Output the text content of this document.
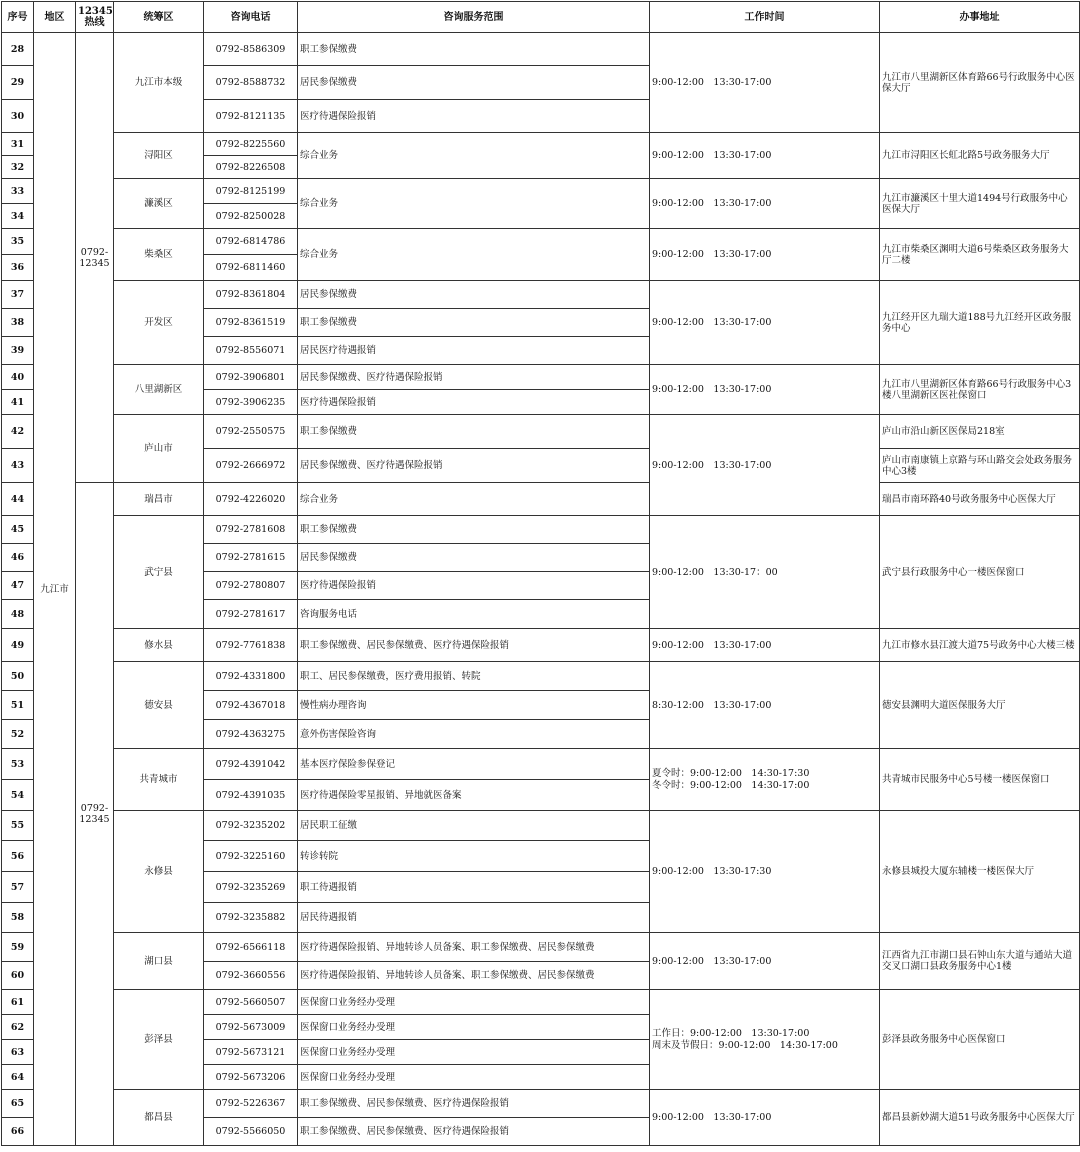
序号	地区	12345热线	统筹区	咨询电话	咨询服务范围	工作时间	办事地址
28	九江市	0792-12345	九江市本级	0792-8586309	职工参保缴费	9:00-12:00　13:30-17:00	九江市八里湖新区体育路66号行政服务中心医保大厅
29				0792-8588732	居民参保缴费		
30				0792-8121135	医疗待遇保险报销		
31			浔阳区	0792-8225560	综合业务	9:00-12:00　13:30-17:00	九江市浔阳区长虹北路5号政务服务大厅
32				0792-8226508			
33			濂溪区	0792-8125199	综合业务	9:00-12:00　13:30-17:00	九江市濂溪区十里大道1494号行政服务中心医保大厅
34				0792-8250028			
35			柴桑区	0792-6814786	综合业务	9:00-12:00　13:30-17:00	九江市柴桑区渊明大道6号柴桑区政务服务大厅二楼
36				0792-6811460			
37			开发区	0792-8361804	居民参保缴费	9:00-12:00　13:30-17:00	九江经开区九瑞大道188号九江经开区政务服务中心
38				0792-8361519	职工参保缴费		
39				0792-8556071	居民医疗待遇报销		
40			八里湖新区	0792-3906801	居民参保缴费、医疗待遇保险报销	9:00-12:00　13:30-17:00	九江市八里湖新区体育路66号行政服务中心3楼八里湖新区医社保窗口
41				0792-3906235	医疗待遇保险报销		
42			庐山市	0792-2550575	职工参保缴费	9:00-12:00　13:30-17:00	庐山市沿山新区医保局218室
43				0792-2666972	居民参保缴费、医疗待遇保险报销		庐山市南康镇上京路与环山路交会处政务服务中心3楼
44		0792-12345	瑞昌市	0792-4226020	综合业务		瑞昌市南环路40号政务服务中心医保大厅
45			武宁县	0792-2781608	职工参保缴费	9:00-12:00　13:30-17：00	武宁县行政服务中心一楼医保窗口
46				0792-2781615	居民参保缴费		
47				0792-2780807	医疗待遇保险报销		
48				0792-2781617	咨询服务电话		
49			修水县	0792-7761838	职工参保缴费、居民参保缴费、医疗待遇保险报销	9:00-12:00　13:30-17:00	九江市修水县江渡大道75号政务中心大楼三楼
50			德安县	0792-4331800	职工、居民参保缴费，医疗费用报销、转院	8:30-12:00　13:30-17:00	德安县渊明大道医保服务大厅
51				0792-4367018	慢性病办理咨询		
52				0792-4363275	意外伤害保险咨询		
53			共青城市	0792-4391042	基本医疗保险参保登记	夏令时：9:00-12:00　14:30-17:30
冬令时：9:00-12:00　14:30-17:00	共青城市民服务中心5号楼一楼医保窗口
54				0792-4391035	医疗待遇保险零星报销、异地就医备案		
55			永修县	0792-3235202	居民职工征缴	9:00-12:00　13:30-17:30	永修县城投大厦东辅楼一楼医保大厅
56				0792-3225160	转诊转院		
57				0792-3235269	职工待遇报销		
58				0792-3235882	居民待遇报销		
59			湖口县	0792-6566118	医疗待遇保险报销、异地转诊人员备案、职工参保缴费、居民参保缴费	9:00-12:00　13:30-17:00	江西省九江市湖口县石钟山东大道与通站大道交叉口湖口县政务服务中心1楼
60				0792-3660556	医疗待遇保险报销、异地转诊人员备案、职工参保缴费、居民参保缴费		
61			彭泽县	0792-5660507	医保窗口业务经办受理	工作日：9:00-12:00　13:30-17:00
周末及节假日：9:00-12:00　14:30-17:00	彭泽县政务服务中心医保窗口
62				0792-5673009	医保窗口业务经办受理		
63				0792-5673121	医保窗口业务经办受理		
64				0792-5673206	医保窗口业务经办受理		
65			都昌县	0792-5226367	职工参保缴费、居民参保缴费、医疗待遇保险报销	9:00-12:00　13:30-17:00	都昌县新妙湖大道51号政务服务中心医保大厅
66				0792-5566050	职工参保缴费、居民参保缴费、医疗待遇保险报销		
